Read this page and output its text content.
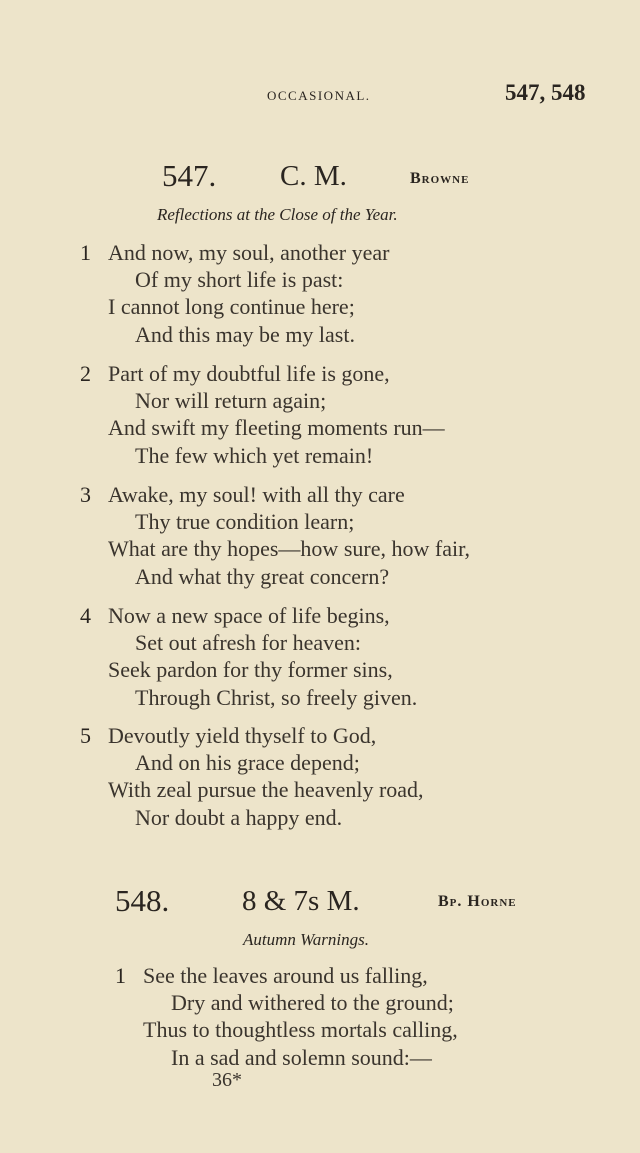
OCCASIONAL.	547, 548
547. C. M.	Browne
Reflections at the Close of the Year.
548.	8 & 7s M.	Bp. Horne
Autumn Warnings.
36*
1 And now, my soul, another year
Of my short life is past:
I cannot long continue here;
And this may be my last.
2 Part of my doubtful life is gone,
Nor will return again;
And swift my fleeting moments run—
The few which yet remain!
3 Awake, my soul! with all thy care
Thy true condition learn;
What are thy hopes—how sure, how fair,
And what thy great concern?
4 Now a new space of life begins,
Set out afresh for heaven:
Seek pardon for thy former sins,
Through Christ, so freely given.
5 Devoutly yield thyself to God,
And on his grace depend;
With zeal pursue the heavenly road,
Nor doubt a happy end.
1 See the leaves around us falling,
Dry and withered to the ground;
Thus to thoughtless mortals calling,
In a sad and solemn sound:—
